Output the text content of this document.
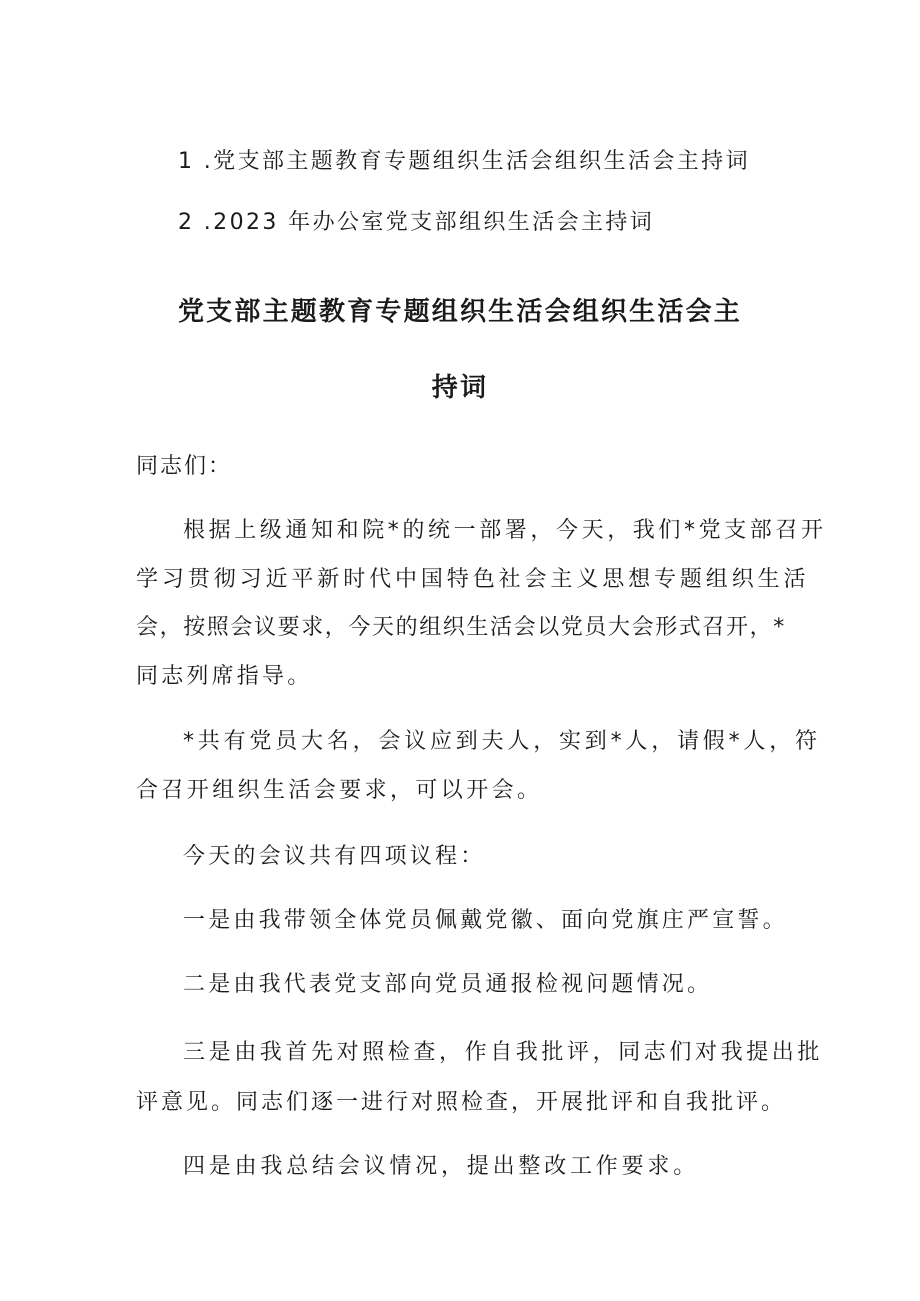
1 .党支部主题教育专题组织生活会组织生活会主持词
2 .2023 年办公室党支部组织生活会主持词
党支部主题教育专题组织生活会组织生活会主
持词
同志们：
根据上级通知和院*的统一部署，今天，我们*党支部召开
学习贯彻习近平新时代中国特色社会主义思想专题组织生活
会，按照会议要求，今天的组织生活会以党员大会形式召开，*
同志列席指导。
*共有党员大名，会议应到夫人，实到*人，请假*人，符
合召开组织生活会要求，可以开会。
今天的会议共有四项议程：
一是由我带领全体党员佩戴党徽、面向党旗庄严宣誓。
二是由我代表党支部向党员通报检视问题情况。
三是由我首先对照检查，作自我批评，同志们对我提出批
评意见。同志们逐一进行对照检查，开展批评和自我批评。
四是由我总结会议情况，提出整改工作要求。
